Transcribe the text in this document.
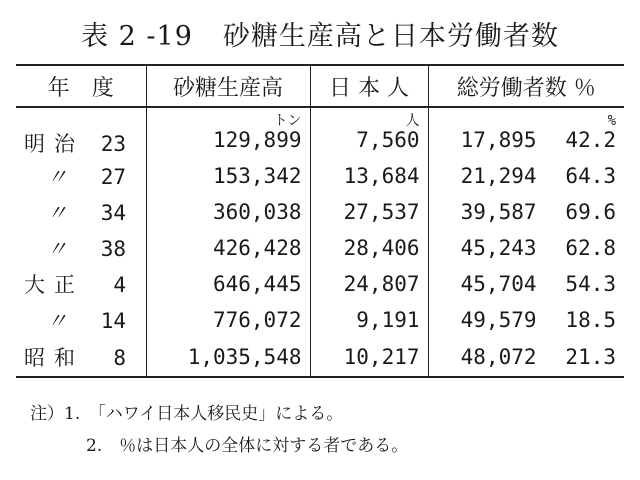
表 2 -19 砂糖生産高と日本労働者数
年　度	砂糖生産高	日 本 人	総労働者数 ％
	トン	人	%
明治 23	129,899	7,560	17,895 42.2

〃 27	153,342	13,684	21,294 64.3

〃 34	360,038	27,537	39,587 69.6

〃 38	426,428	28,406	45,243 62.8

大正 4	646,445	24,807	45,704 54.3

〃 14	776,072	9,191	49,579 18.5

昭和 8	1,035,548	10,217	48,072 21.3
注）1.　「ハワイ日本人移民史」による。
2.　％は日本人の全体に対する者である。
